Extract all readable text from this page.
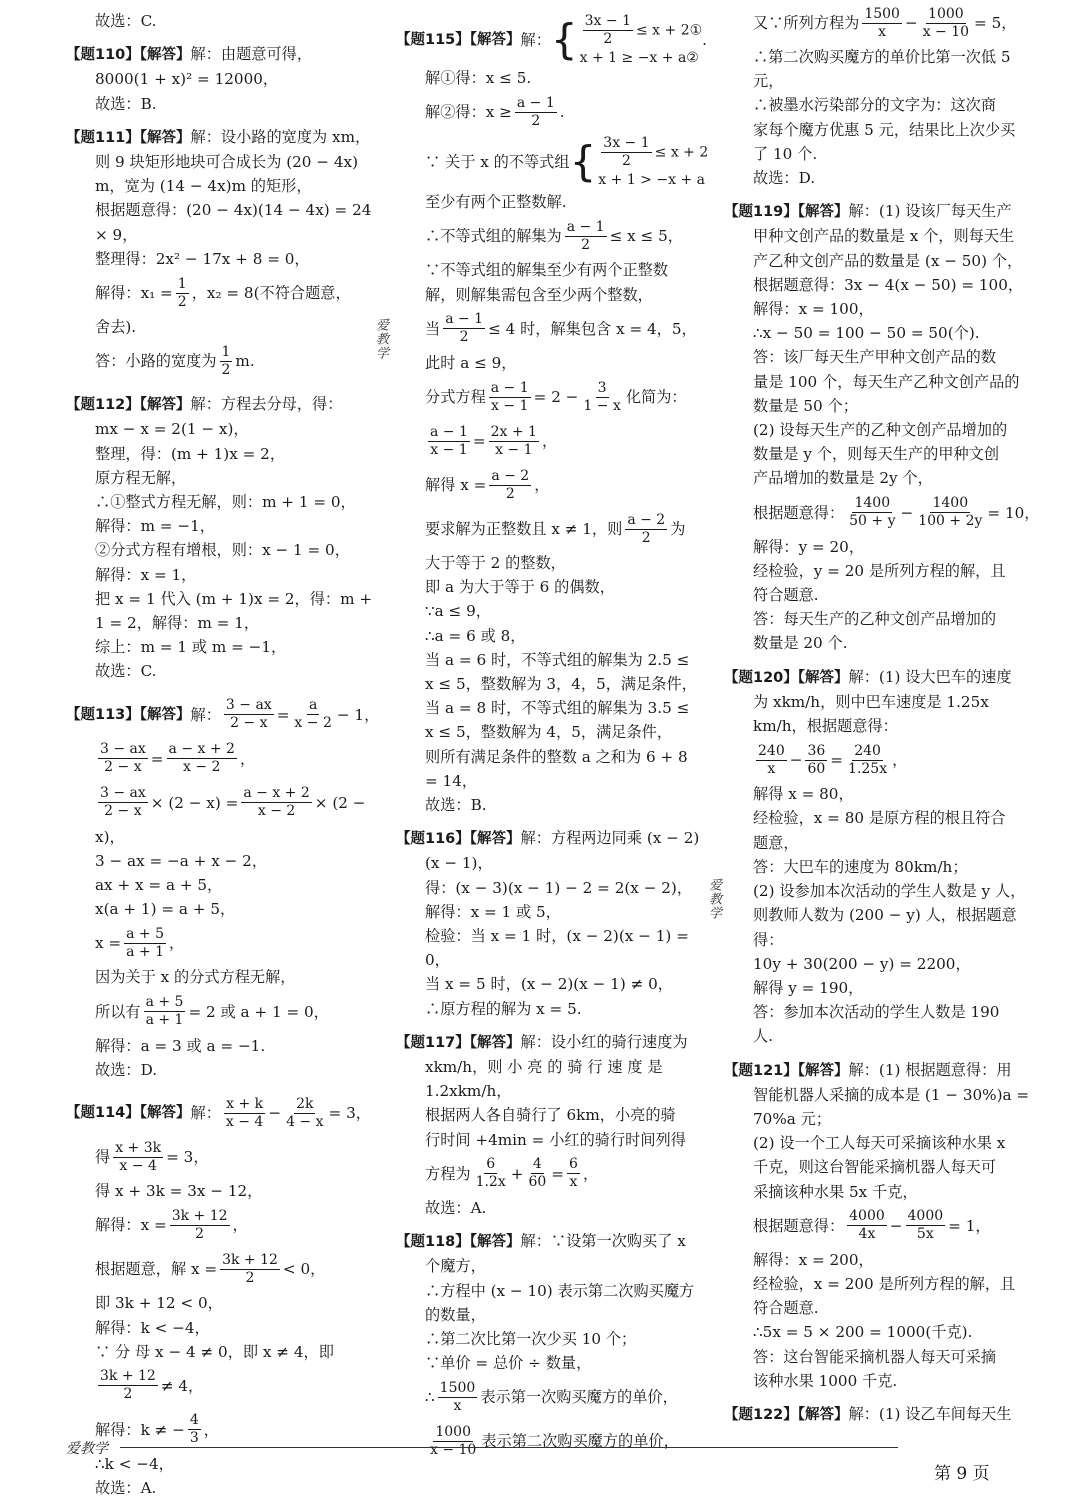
故选：C.
【题110】【解答】解：由题意可得，
8000(1 + x)² = 12000，
故选：B.
【题111】【解答】解：设小路的宽度为 xm，
则 9 块矩形地块可合成长为 (20 − 4x)
m，宽为 (14 − 4x)m 的矩形，
根据题意得：(20 − 4x)(14 − 4x) = 24
× 9，
整理得：2x² − 17x + 8 = 0，
解得：$x_1 = \frac{1}{2}$ ，x₂ = 8(不符合题意，
舍去).
答：小路的宽度为 $\frac{1}{2} m$.
【题112】【解答】解：方程去分母，得：
mx − x = 2(1 − x)，
整理，得：(m + 1)x = 2，
原方程无解，
∴①整式方程无解，则：m + 1 = 0，
解得：m = −1，
②分式方程有增根，则：x − 1 = 0，
解得：x = 1，
把 x = 1 代入 (m + 1)x = 2，得：m +
1 = 2，解得：m = 1，
综上：m = 1 或 m = −1，
故选：C.
【题113】【解答】 解： $\frac{3 - ax}{2 - x} = \frac{a}{x - 2} - 1$，
$\frac{3 - ax}{2 - x} = \frac{a - x + 2}{x - 2}$ ，
$\frac{3 - ax}{2 - x} \times (2 - x) = \frac{a - x + 2}{x - 2} \times (2$ −
x)，
3 − ax = −a + x − 2，
ax + x = a + 5，
x(a + 1) = a + 5，
$x = \frac{a + 5}{a + 1}$ ，
因为关于 x 的分式方程无解，
所以有 $\frac{a + 5}{a + 1} = 2$ 或 a + 1 = 0，
解得：a = 3 或 a = −1.
故选：D.
【题114】【解答】 解： $\frac{x + k}{x - 4} - \frac{2k}{4 - x} = 3$，
得 $\frac{x + 3k}{x - 4} = 3$，
得 x + 3k = 3x − 12，
解得：$x = \frac{3k + 12}{2}$ ，
根据题意，解 $x = \frac{3k + 12}{2} < 0$，
即 3k + 12 < 0，
解得：k < −4，
∵ 分 母 x − 4 ≠ 0，即 x ≠ 4，即
$\frac{3k + 12}{2} \ne 4$，
解得：k ≠ − $\frac{4}{3}$ ，
∴k < −4，
故选：A.
【题115】【解答】 解： { $\frac{3x - 1}{2} \le x$ + 2①
x + 1 ≥ −x + a②
.
解①得：x ≤ 5.
解②得：$x \ge \frac{a - 1}{2}$ .
∵ 关于 x 的不等式组 { $\frac{3x - 1}{2} \le x + 2$
x + 1 > −x + a
至少有两个正整数解.
∴不等式组的解集为 $\frac{a - 1}{2} \le x \le 5$，
∵不等式组的解集至少有两个正整数
解，则解集需包含至少两个整数，
当 $\frac{a - 1}{2} \le 4$ 时，解集包含 x = 4，5，
此时 a ≤ 9，
分式方程 $\frac{a - 1}{x - 1} = 2 - \frac{3}{1 - x}$ 化简为：
$\frac{a - 1}{x - 1} = \frac{2x + 1}{x - 1}$ ，
解得 $x = \frac{a - 2}{2}$ ，
要求解为正整数且 x ≠ 1，则 $\frac{a - 2}{2}$ 为
大于等于 2 的整数，
即 a 为大于等于 6 的偶数，
∵a ≤ 9，
∴a = 6 或 8，
当 a = 6 时，不等式组的解集为 2.5 ≤
x ≤ 5，整数解为 3，4，5，满足条件，
当 a = 8 时，不等式组的解集为 3.5 ≤
x ≤ 5，整数解为 4，5，满足条件，
则所有满足条件的整数 a 之和为 6 + 8
= 14，
故选：B.
【题116】【解答】解：方程两边同乘 (x − 2)
(x − 1)，
得：(x − 3)(x − 1) − 2 = 2(x − 2)，
解得：x = 1 或 5，
检验：当 x = 1 时，(x − 2)(x − 1) =
0，
当 x = 5 时，(x − 2)(x − 1) ≠ 0，
∴原方程的解为 x = 5.
【题117】【解答】解：设小红的骑行速度为
xkm/h，则 小 亮 的 骑 行 速 度 是
1.2xkm/h，
根据两人各自骑行了 6km，小亮的骑
行时间 +4min = 小红的骑行时间列得
方程为 $\frac{6}{1.2x} + \frac{4}{60} = \frac{6}{x}$ ，
故选：A.
【题118】【解答】解：∵设第一次购买了 x
个魔方，
∴方程中 (x − 10) 表示第二次购买魔方
的数量，
∴第二次比第一次少买 10 个；
∵单价 = 总价 ÷ 数量，
∴ $\frac{1500}{x}$ 表示第一次购买魔方的单价，
$\frac{1000}{x - 10}$ 表示第二次购买魔方的单价，
又∵所列方程为 $\frac{1500}{x} - \frac{1000}{x - 10} = 5$，
∴第二次购买魔方的单价比第一次低 5
元，
∴被墨水污染部分的文字为：这次商
家每个魔方优惠 5 元，结果比上次少买
了 10 个.
故选：D.
【题119】【解答】解：(1) 设该厂每天生产
甲种文创产品的数量是 x 个，则每天生
产乙种文创产品的数量是 (x − 50) 个，
根据题意得：3x − 4(x − 50) = 100，
解得：x = 100，
∴x − 50 = 100 − 50 = 50(个).
答：该厂每天生产甲种文创产品的数
量是 100 个，每天生产乙种文创产品的
数量是 50 个；
(2) 设每天生产的乙种文创产品增加的
数量是 y 个，则每天生产的甲种文创
产品增加的数量是 2y 个，
根据题意得： $\frac{1400}{50 + y} - \frac{1400}{100 + 2y} = 10$，
解得：y = 20，
经检验，y = 20 是所列方程的解，且
符合题意.
答：每天生产的乙种文创产品增加的
数量是 20 个.
【题120】【解答】解：(1) 设大巴车的速度
为 xkm/h，则中巴车速度是 1.25x
km/h，根据题意得：
$\frac{240}{x} - \frac{36}{60} = \frac{240}{1.25x}$ ，
解得 x = 80，
经检验，x = 80 是原方程的根且符合
题意，
答：大巴车的速度为 80km/h；
(2) 设参加本次活动的学生人数是 y 人，
则教师人数为 (200 − y) 人，根据题意
得：
10y + 30(200 − y) = 2200，
解得 y = 190，
答：参加本次活动的学生人数是 190
人.
【题121】【解答】解：(1) 根据题意得：用
智能机器人采摘的成本是 (1 − 30%)a =
70%a 元；
(2) 设一个工人每天可采摘该种水果 x
千克，则这台智能采摘机器人每天可
采摘该种水果 5x 千克，
根据题意得： $\frac{4000}{4x} - \frac{4000}{5x} = 1$，
解得：x = 200，
经检验，x = 200 是所列方程的解，且
符合题意.
∴5x = 5 × 200 = 1000(千克).
答：这台智能采摘机器人每天可采摘
该种水果 1000 千克.
【题122】【解答】解：(1) 设乙车间每天生
爱教学
爱教学
爱教学
第 9 页
